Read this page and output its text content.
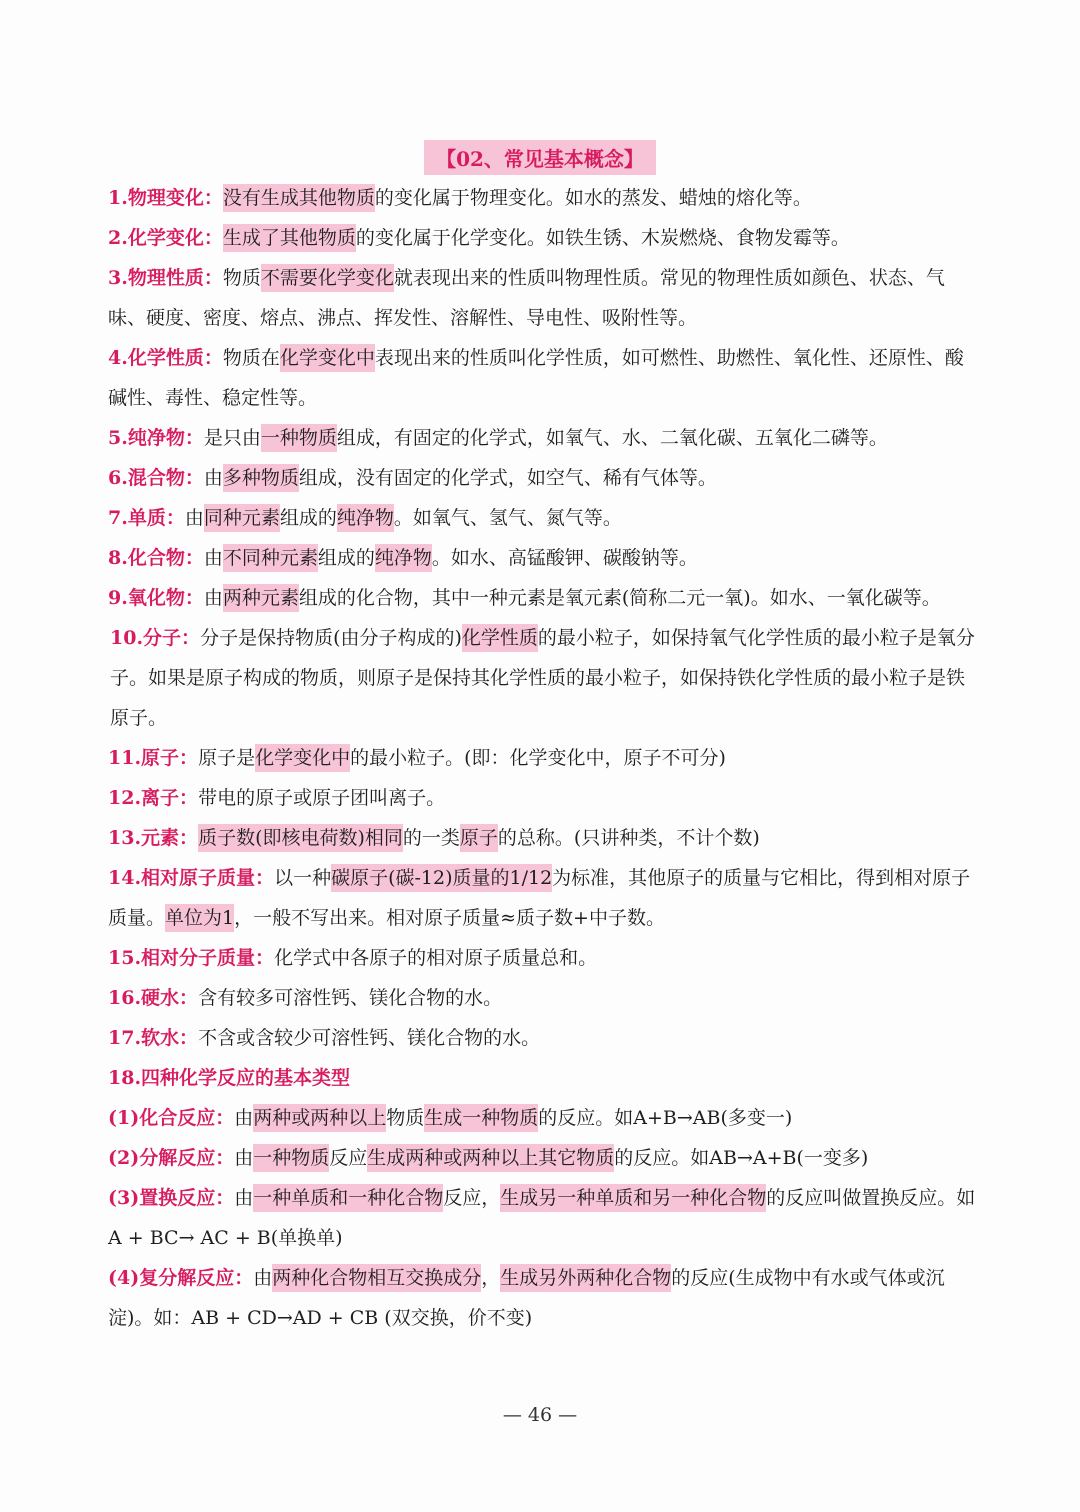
【02、常见基本概念】
1.物理变化：没有生成其他物质的变化属于物理变化。如水的蒸发、蜡烛的熔化等。
2.化学变化：生成了其他物质的变化属于化学变化。如铁生锈、木炭燃烧、食物发霉等。
3.物理性质：物质不需要化学变化就表现出来的性质叫物理性质。常见的物理性质如颜色、状态、气味、硬度、密度、熔点、沸点、挥发性、溶解性、导电性、吸附性等。
4.化学性质：物质在化学变化中表现出来的性质叫化学性质，如可燃性、助燃性、氧化性、还原性、酸碱性、毒性、稳定性等。
5.纯净物：是只由一种物质组成，有固定的化学式，如氧气、水、二氧化碳、五氧化二磷等。
6.混合物：由多种物质组成，没有固定的化学式，如空气、稀有气体等。
7.单质：由同种元素组成的纯净物。如氧气、氢气、氮气等。
8.化合物：由不同种元素组成的纯净物。如水、高锰酸钾、碳酸钠等。
9.氧化物：由两种元素组成的化合物，其中一种元素是氧元素(简称二元一氧)。如水、一氧化碳等。
10.分子：分子是保持物质(由分子构成的)化学性质的最小粒子，如保持氧气化学性质的最小粒子是氧分子。如果是原子构成的物质，则原子是保持其化学性质的最小粒子，如保持铁化学性质的最小粒子是铁原子。
11.原子：原子是化学变化中的最小粒子。(即：化学变化中，原子不可分)
12.离子：带电的原子或原子团叫离子。
13.元素：质子数(即核电荷数)相同的一类原子的总称。(只讲种类，不计个数)
14.相对原子质量：以一种碳原子(碳-12)质量的1/12为标准，其他原子的质量与它相比，得到相对原子质量。单位为1，一般不写出来。相对原子质量≈质子数+中子数。
15.相对分子质量：化学式中各原子的相对原子质量总和。
16.硬水：含有较多可溶性钙、镁化合物的水。
17.软水：不含或含较少可溶性钙、镁化合物的水。
18.四种化学反应的基本类型
(1)化合反应：由两种或两种以上物质生成一种物质的反应。如A+B→AB(多变一)
(2)分解反应：由一种物质反应生成两种或两种以上其它物质的反应。如AB→A+B(一变多)
(3)置换反应：由一种单质和一种化合物反应，生成另一种单质和另一种化合物的反应叫做置换反应。如A + BC→ AC + B(单换单)
(4)复分解反应：由两种化合物相互交换成分，生成另外两种化合物的反应(生成物中有水或气体或沉淀)。如：AB + CD→AD + CB (双交换，价不变)
— 46 —
